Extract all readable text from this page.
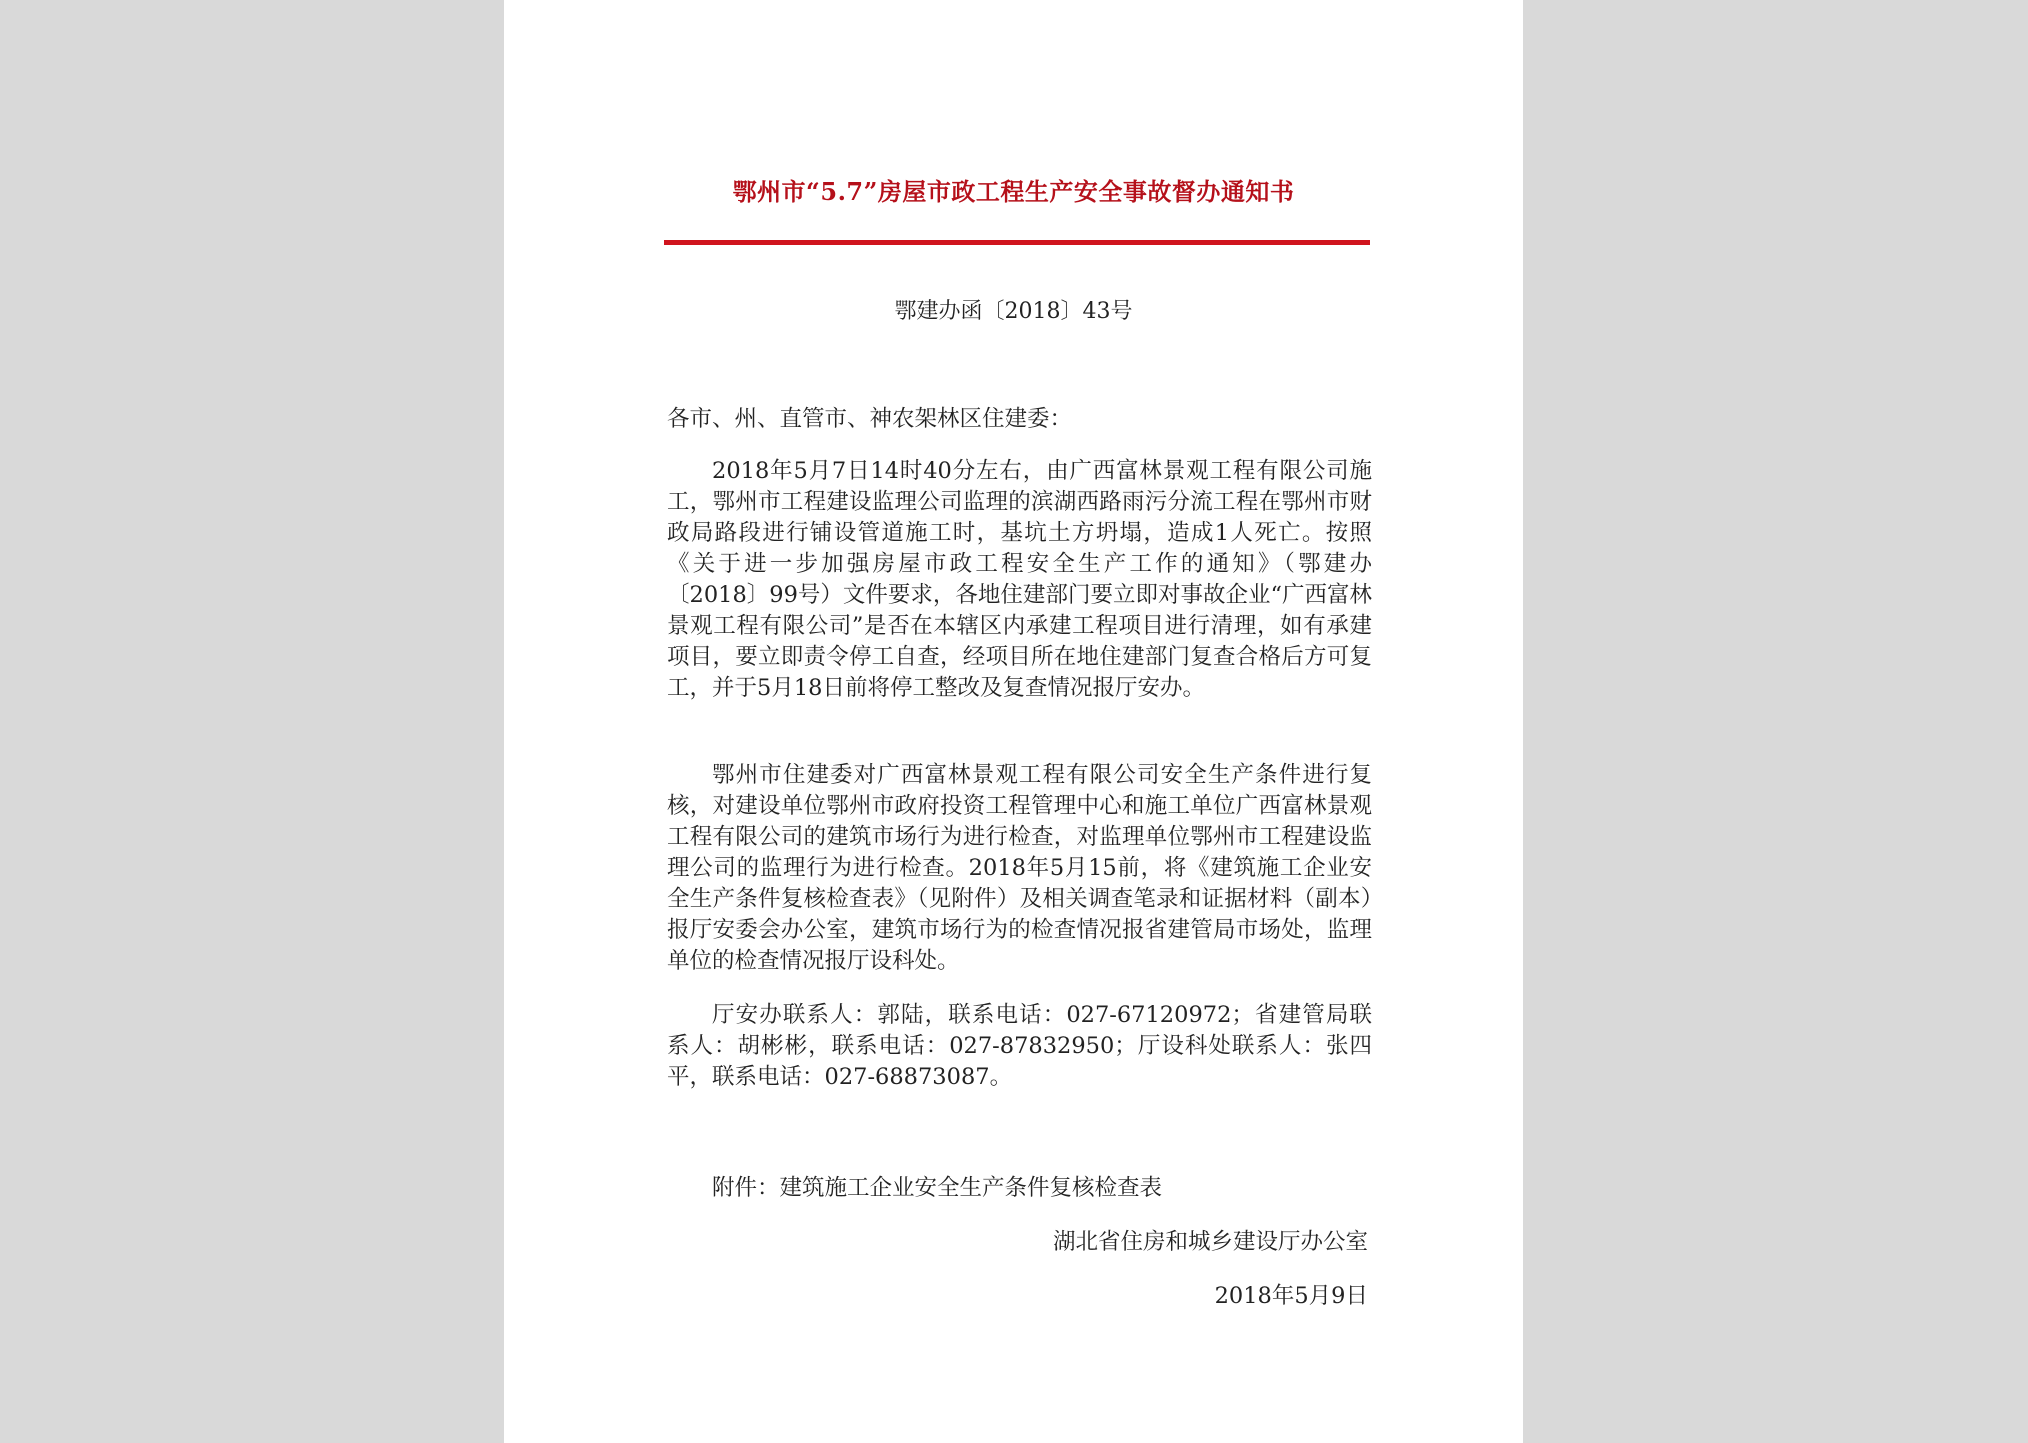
鄂州市“5.7”房屋市政工程生产安全事故督办通知书
鄂建办函〔2018〕43号
各市、州、直管市、神农架林区住建委：
2018年5月7日14时40分左右，由广西富林景观工程有限公司施工，鄂州市工程建设监理公司监理的滨湖西路雨污分流工程在鄂州市财政局路段进行铺设管道施工时，基坑土方坍塌，造成1人死亡。按照《关于进一步加强房屋市政工程安全生产工作的通知》（鄂建办〔2018〕99号）文件要求，各地住建部门要立即对事故企业“广西富林景观工程有限公司”是否在本辖区内承建工程项目进行清理，如有承建项目，要立即责令停工自查，经项目所在地住建部门复查合格后方可复工，并于5月18日前将停工整改及复查情况报厅安办。
鄂州市住建委对广西富林景观工程有限公司安全生产条件进行复核，对建设单位鄂州市政府投资工程管理中心和施工单位广西富林景观工程有限公司的建筑市场行为进行检查，对监理单位鄂州市工程建设监理公司的监理行为进行检查。2018年5月15前，将《建筑施工企业安全生产条件复核检查表》（见附件）及相关调查笔录和证据材料（副本）报厅安委会办公室，建筑市场行为的检查情况报省建管局市场处，监理单位的检查情况报厅设科处。
厅安办联系人：郭陆，联系电话：027-67120972；省建管局联系人：胡彬彬，联系电话：027-87832950；厅设科处联系人：张四平，联系电话：027-68873087。
附件：建筑施工企业安全生产条件复核检查表
湖北省住房和城乡建设厅办公室
2018年5月9日
